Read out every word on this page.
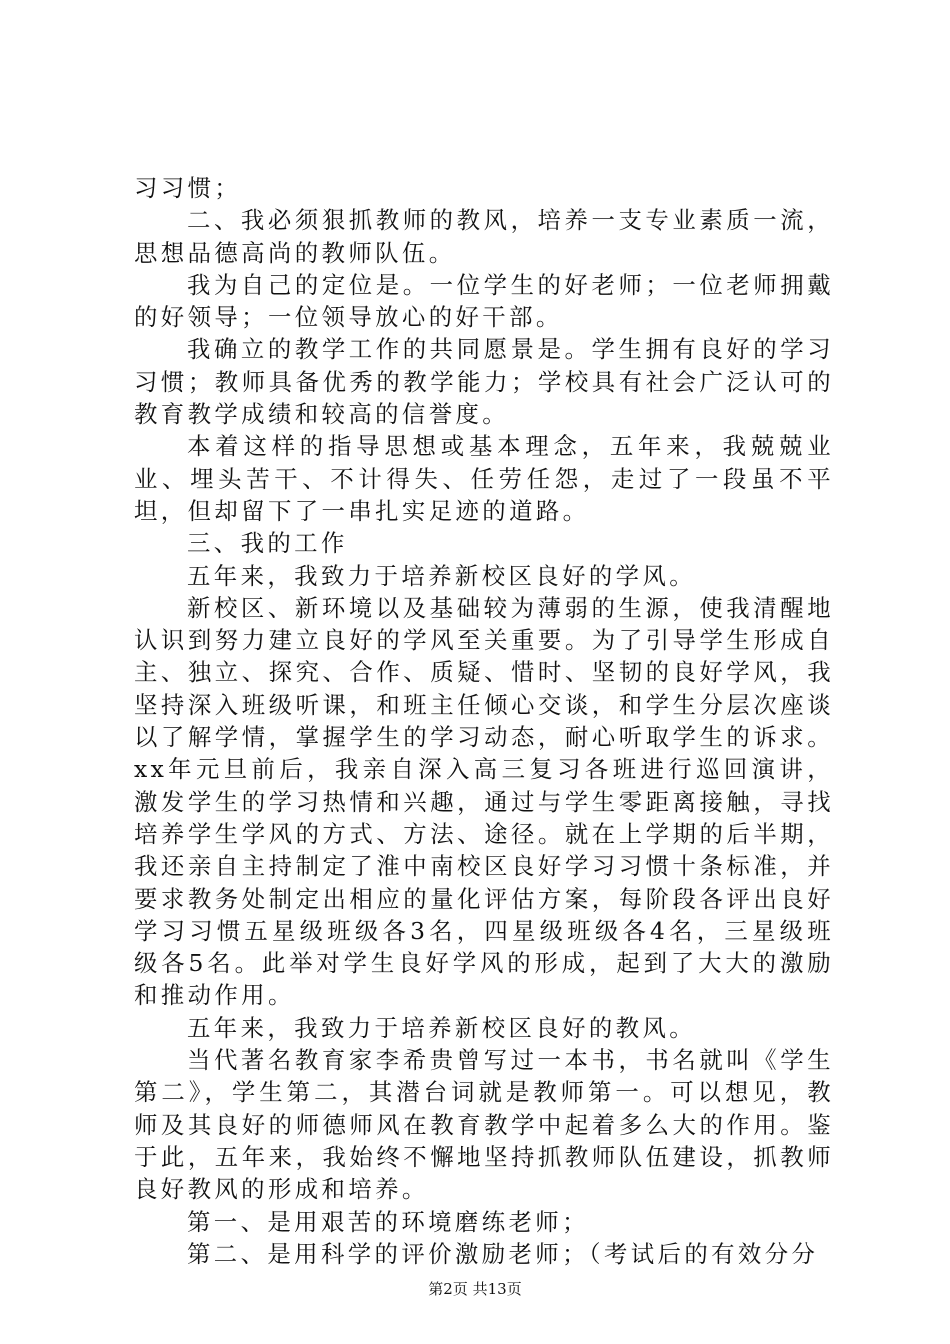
习习惯；

二、我必须狠抓教师的教风，培养一支专业素质一流，思想品德高尚的教师队伍。

我为自己的定位是。一位学生的好老师；一位老师拥戴的好领导；一位领导放心的好干部。

我确立的教学工作的共同愿景是。学生拥有良好的学习习惯；教师具备优秀的教学能力；学校具有社会广泛认可的教育教学成绩和较高的信誉度。

本着这样的指导思想或基本理念，五年来，我兢兢业业、埋头苦干、不计得失、任劳任怨，走过了一段虽不平坦，但却留下了一串扎实足迹的道路。

三、我的工作

五年来，我致力于培养新校区良好的学风。

新校区、新环境以及基础较为薄弱的生源，使我清醒地认识到努力建立良好的学风至关重要。为了引导学生形成自主、独立、探究、合作、质疑、惜时、坚韧的良好学风，我坚持深入班级听课，和班主任倾心交谈，和学生分层次座谈以了解学情，掌握学生的学习动态，耐心听取学生的诉求。xx年元旦前后，我亲自深入高三复习各班进行巡回演讲，激发学生的学习热情和兴趣，通过与学生零距离接触，寻找培养学生学风的方式、方法、途径。就在上学期的后半期，我还亲自主持制定了淮中南校区良好学习习惯十条标准，并要求教务处制定出相应的量化评估方案，每阶段各评出良好学习习惯五星级班级各3名，四星级班级各4名，三星级班级各5名。此举对学生良好学风的形成，起到了大大的激励和推动作用。

五年来，我致力于培养新校区良好的教风。

当代著名教育家李希贵曾写过一本书，书名就叫《学生第二》，学生第二，其潜台词就是教师第一。可以想见，教师及其良好的师德师风在教育教学中起着多么大的作用。鉴于此，五年来，我始终不懈地坚持抓教师队伍建设，抓教师良好教风的形成和培养。

第一、是用艰苦的环境磨练老师；

第二、是用科学的评价激励老师；（考试后的有效分分

第2页 共13页
